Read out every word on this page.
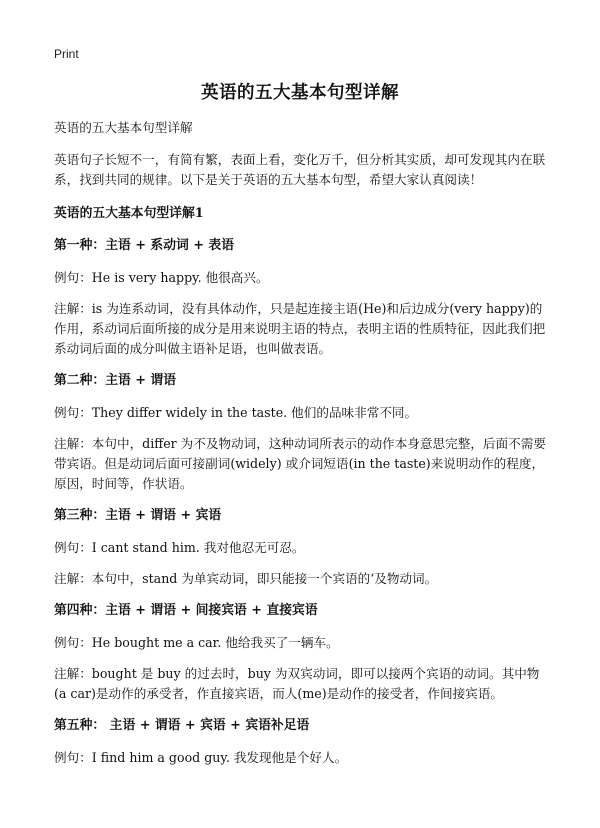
Print
英语的五大基本句型详解

英语的五大基本句型详解

英语句子长短不一，有简有繁，表面上看，变化万千，但分析其实质，却可发现其内在联系，找到共同的规律。以下是关于英语的五大基本句型，希望大家认真阅读！

英语的五大基本句型详解1

第一种：主语 + 系动词 + 表语

例句：He is very happy. 他很高兴。

注解：is 为连系动词，没有具体动作，只是起连接主语(He)和后边成分(very happy)的作用，系动词后面所接的成分是用来说明主语的特点，表明主语的性质特征，因此我们把系动词后面的成分叫做主语补足语，也叫做表语。

第二种：主语 + 谓语

例句：They differ widely in the taste. 他们的品味非常不同。

注解：本句中，differ 为不及物动词，这种动词所表示的动作本身意思完整，后面不需要带宾语。但是动词后面可接副词(widely) 或介词短语(in the taste)来说明动作的程度，原因，时间等，作状语。

第三种：主语 + 谓语 + 宾语

例句：I cant stand him. 我对他忍无可忍。

注解：本句中，stand 为单宾动词，即只能接一个宾语的‘及物动词。

第四种：主语 + 谓语 + 间接宾语 + 直接宾语

例句：He bought me a car. 他给我买了一辆车。

注解：bought 是 buy 的过去时，buy 为双宾动词，即可以接两个宾语的动词。其中物(a car)是动作的承受者，作直接宾语，而人(me)是动作的接受者，作间接宾语。

第五种： 主语 + 谓语 + 宾语 + 宾语补足语

例句：I find him a good guy. 我发现他是个好人。
